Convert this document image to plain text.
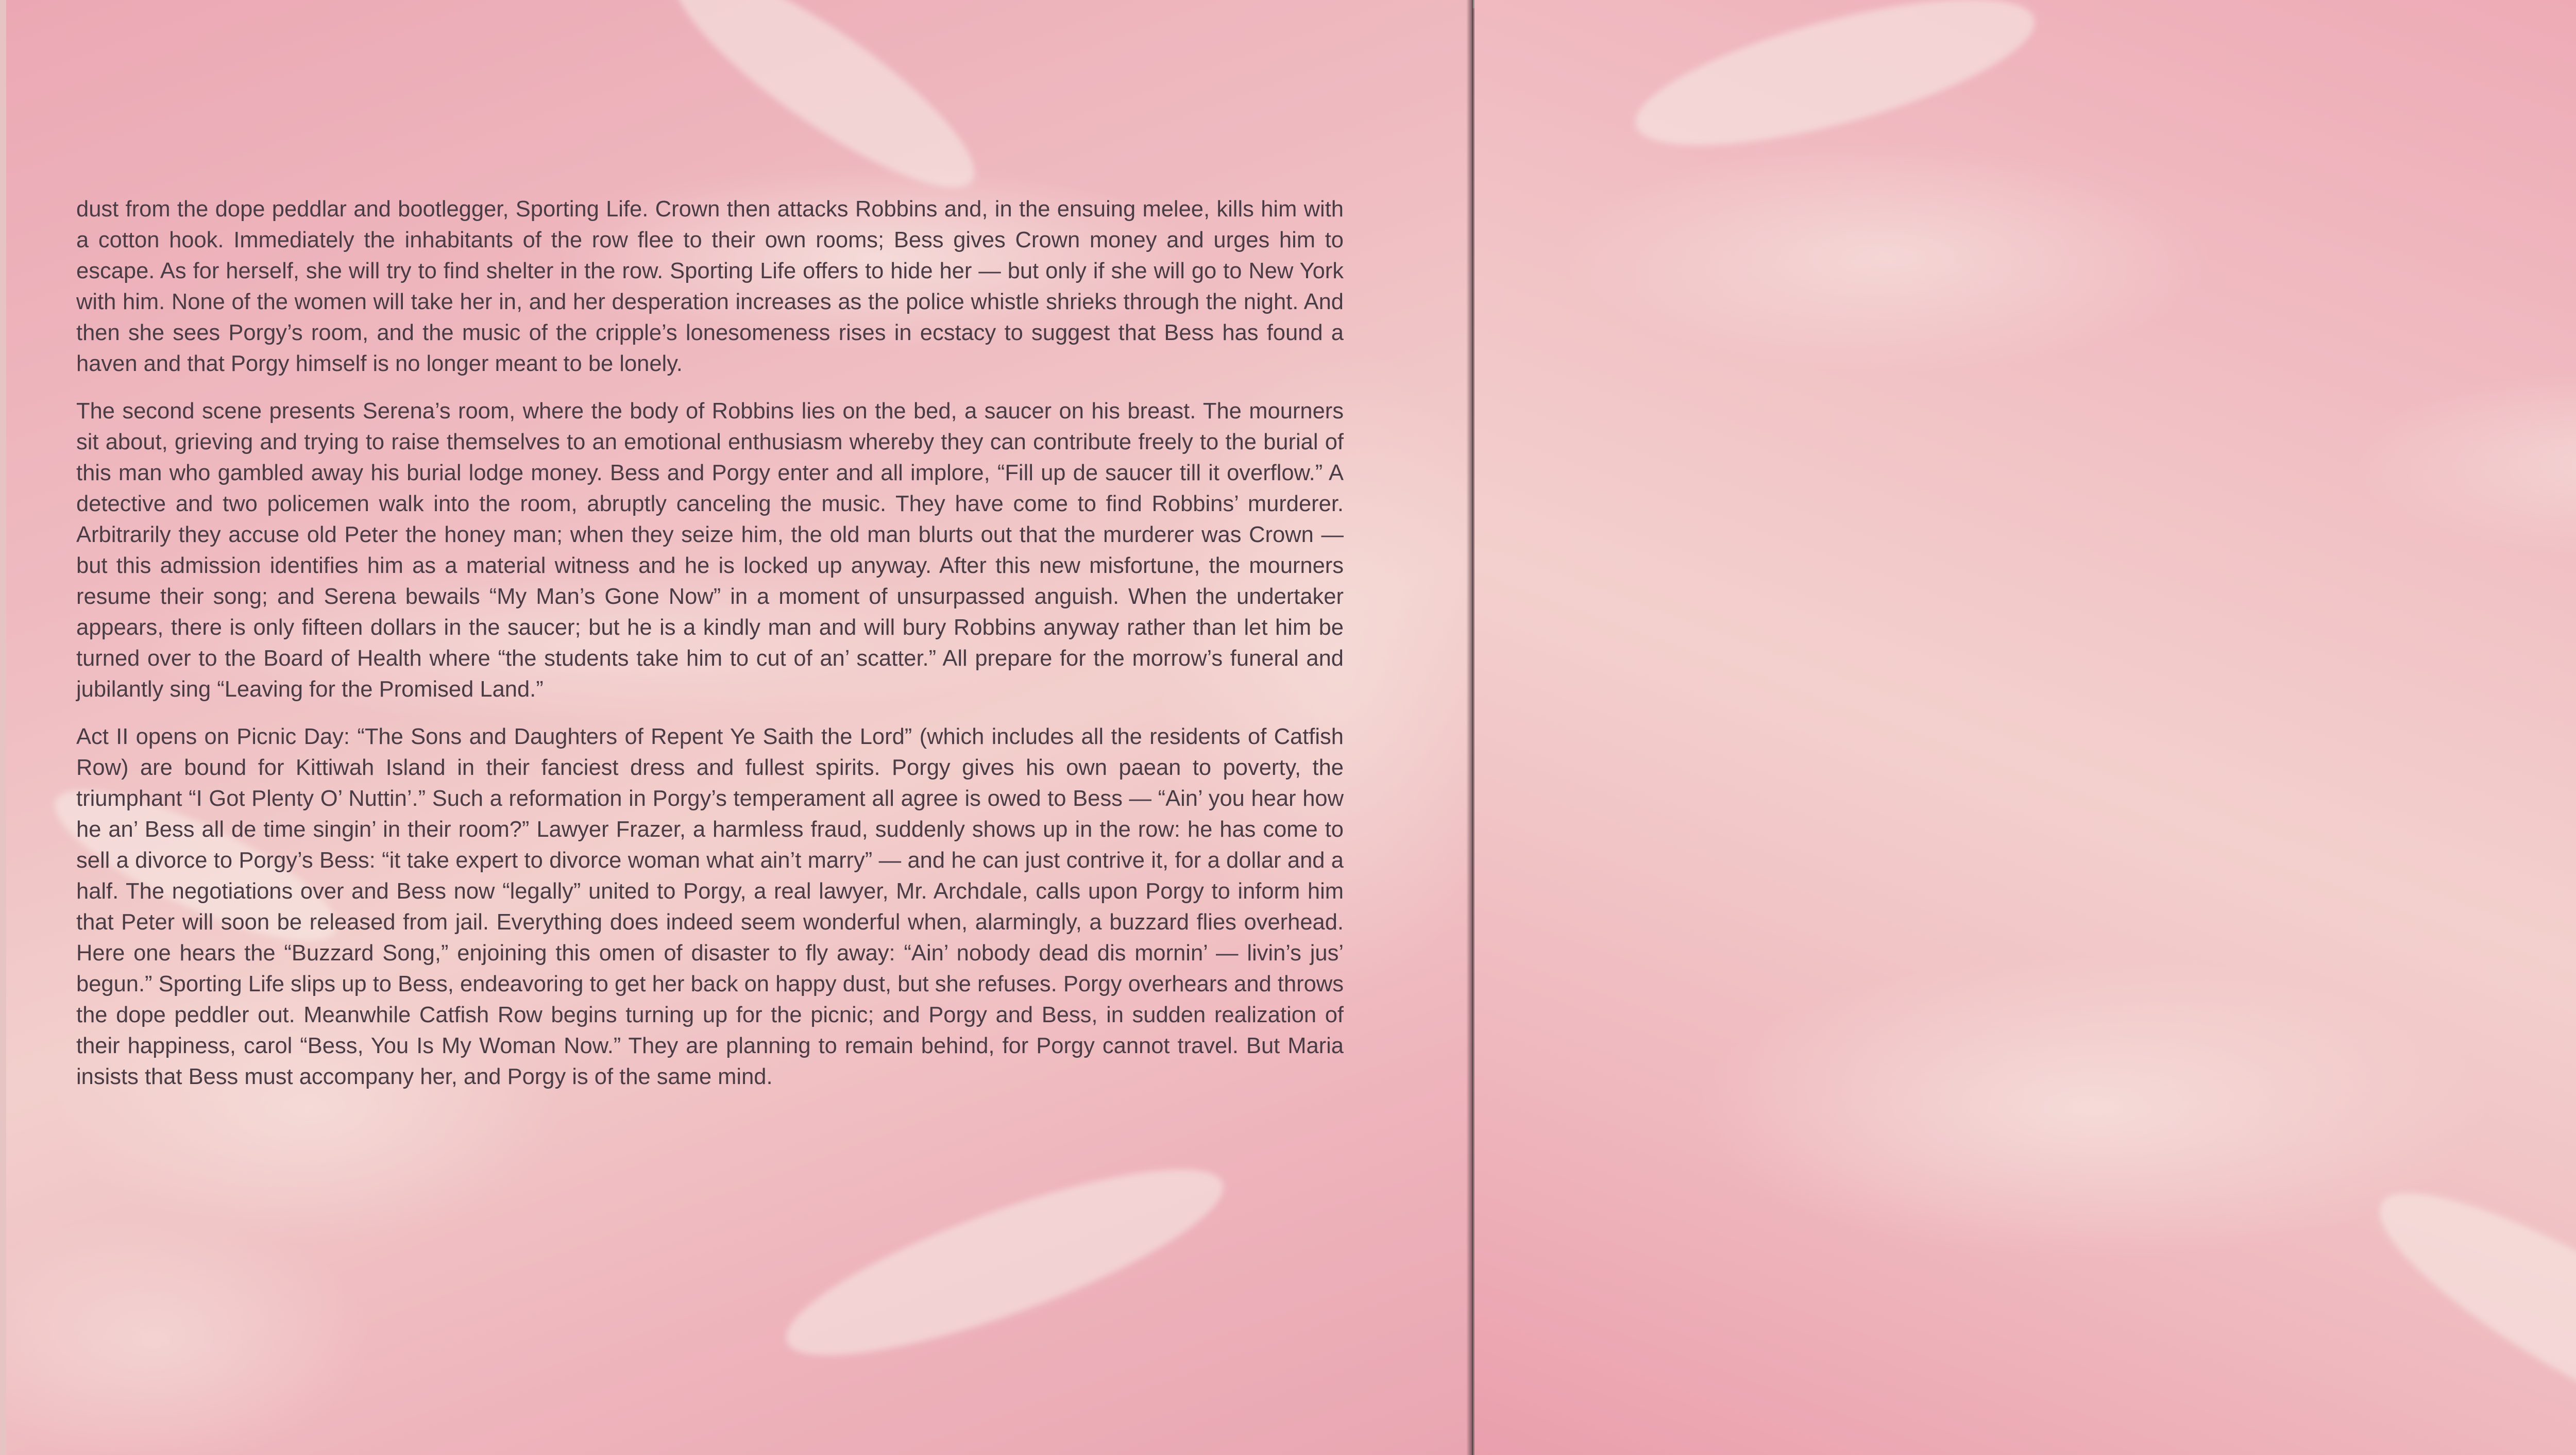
dust from the dope peddlar and bootlegger, Sporting Life. Crown then attacks Robbins and, in the ensuing melee, kills him with a cotton hook. Immediately the inhabitants of the row flee to their own rooms; Bess gives Crown money and urges him to escape. As for herself, she will try to find shelter in the row. Sporting Life offers to hide her — but only if she will go to New York with him. None of the women will take her in, and her desperation increases as the police whistle shrieks through the night. And then she sees Porgy’s room, and the music of the cripple’s lonesomeness rises in ecstacy to suggest that Bess has found a haven and that Porgy himself is no longer meant to be lonely.

The second scene presents Serena’s room, where the body of Robbins lies on the bed, a saucer on his breast. The mourners sit about, grieving and trying to raise themselves to an emotional enthusiasm whereby they can contribute freely to the burial of this man who gambled away his burial lodge money. Bess and Porgy enter and all implore, “Fill up de saucer till it overflow.” A detective and two policemen walk into the room, abruptly canceling the music. They have come to find Robbins’ murderer. Arbitrarily they accuse old Peter the honey man; when they seize him, the old man blurts out that the murderer was Crown — but this admission identifies him as a material witness and he is locked up anyway. After this new misfortune, the mourners resume their song; and Serena bewails “My Man’s Gone Now” in a moment of unsurpassed anguish. When the undertaker appears, there is only fifteen dollars in the saucer; but he is a kindly man and will bury Robbins anyway rather than let him be turned over to the Board of Health where “the students take him to cut of an’ scatter.” All prepare for the morrow’s funeral and jubilantly sing “Leaving for the Promised Land.”

Act II opens on Picnic Day: “The Sons and Daughters of Repent Ye Saith the Lord” (which includes all the residents of Catfish Row) are bound for Kittiwah Island in their fanciest dress and fullest spirits. Porgy gives his own paean to poverty, the triumphant “I Got Plenty O’ Nuttin’.” Such a reformation in Porgy’s temperament all agree is owed to Bess — “Ain’ you hear how he an’ Bess all de time singin’ in their room?” Lawyer Frazer, a harmless fraud, suddenly shows up in the row: he has come to sell a divorce to Porgy’s Bess: “it take expert to divorce woman what ain’t marry” — and he can just contrive it, for a dollar and a half. The negotiations over and Bess now “legally” united to Porgy, a real lawyer, Mr. Archdale, calls upon Porgy to inform him that Peter will soon be released from jail. Everything does indeed seem wonderful when, alarmingly, a buzzard flies overhead. Here one hears the “Buzzard Song,” enjoining this omen of disaster to fly away: “Ain’ nobody dead dis mornin’ — livin’s jus’ begun.” Sporting Life slips up to Bess, endeavoring to get her back on happy dust, but she refuses. Porgy overhears and throws the dope peddler out. Meanwhile Catfish Row begins turning up for the picnic; and Porgy and Bess, in sudden realization of their happiness, carol “Bess, You Is My Woman Now.” They are planning to remain behind, for Porgy cannot travel. But Maria insists that Bess must accompany her, and Porgy is of the same mind.
